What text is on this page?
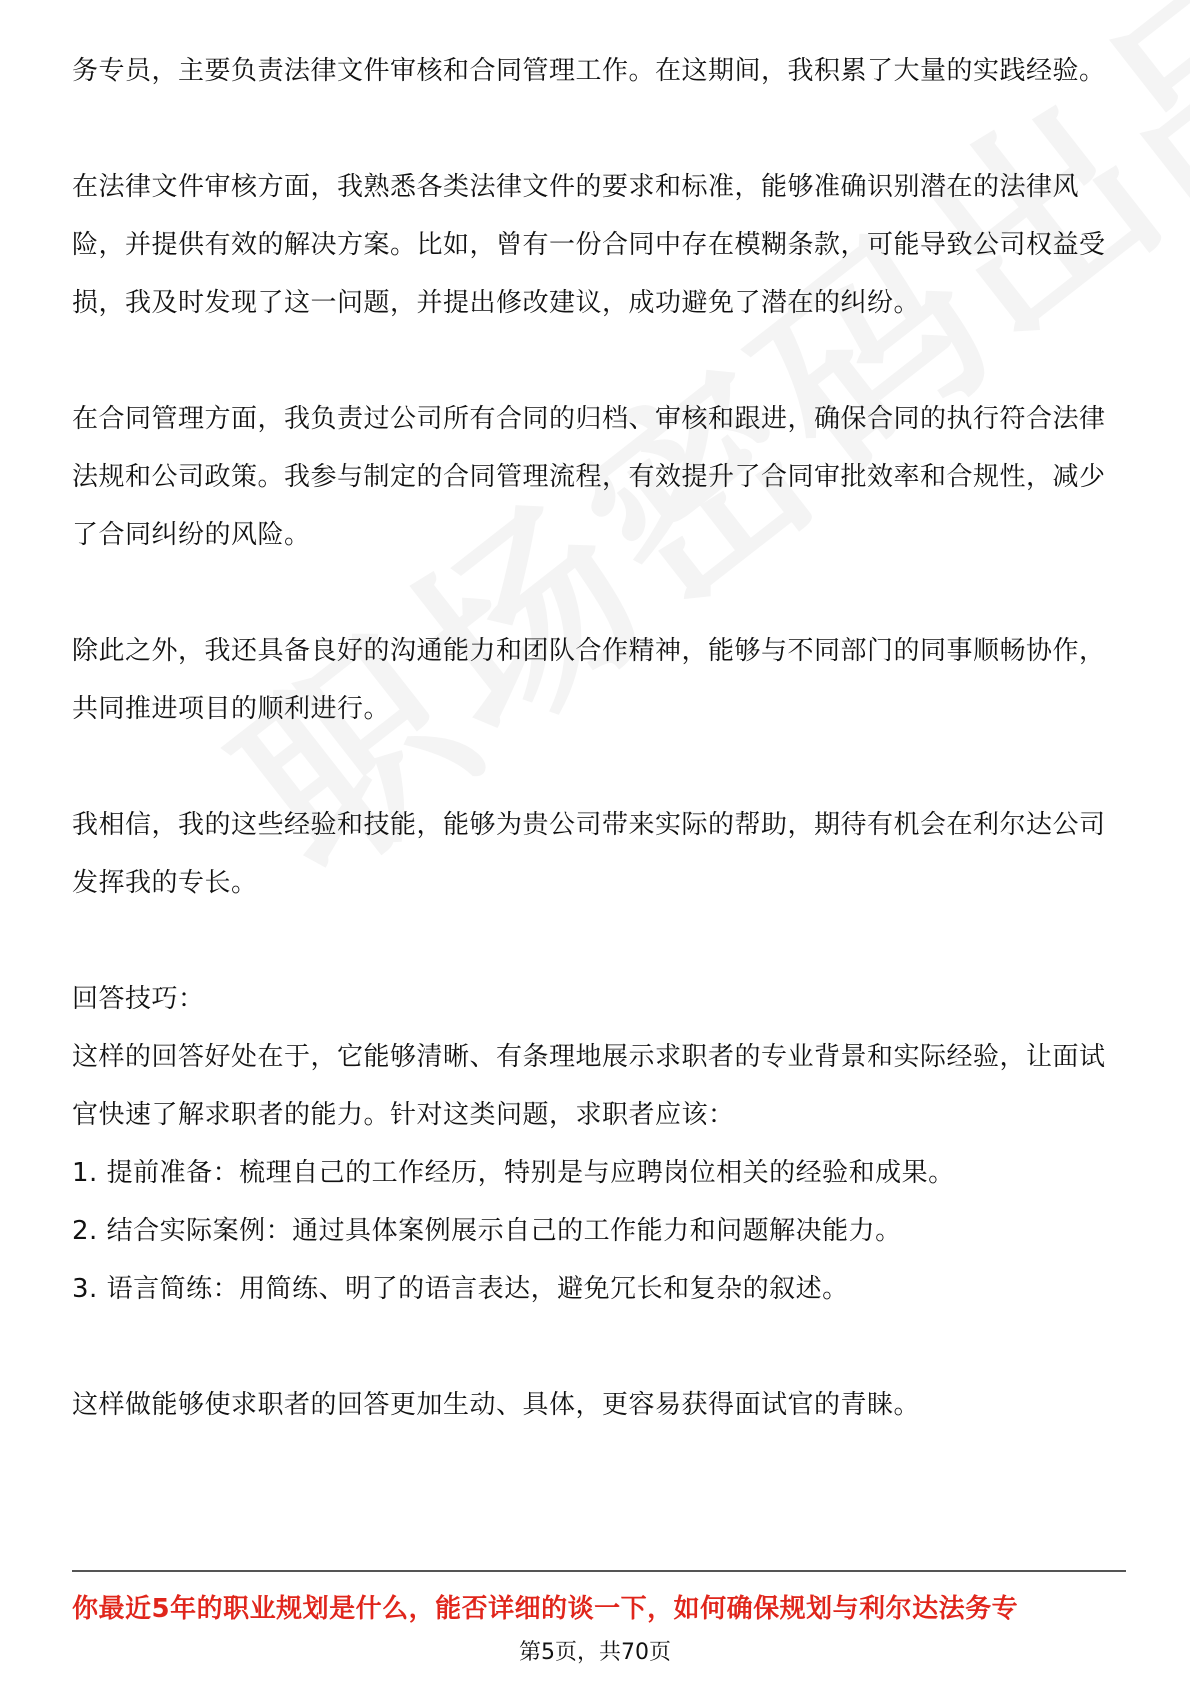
务专员，主要负责法律文件审核和合同管理工作。在这期间，我积累了大量的实践经验。

在法律文件审核方面，我熟悉各类法律文件的要求和标准，能够准确识别潜在的法律风险，并提供有效的解决方案。比如，曾有一份合同中存在模糊条款，可能导致公司权益受损，我及时发现了这一问题，并提出修改建议，成功避免了潜在的纠纷。

在合同管理方面，我负责过公司所有合同的归档、审核和跟进，确保合同的执行符合法律法规和公司政策。我参与制定的合同管理流程，有效提升了合同审批效率和合规性，减少了合同纠纷的风险。

除此之外，我还具备良好的沟通能力和团队合作精神，能够与不同部门的同事顺畅协作，共同推进项目的顺利进行。

我相信，我的这些经验和技能，能够为贵公司带来实际的帮助，期待有机会在利尔达公司发挥我的专长。

回答技巧：

这样的回答好处在于，它能够清晰、有条理地展示求职者的专业背景和实际经验，让面试官快速了解求职者的能力。针对这类问题，求职者应该：

1. 提前准备：梳理自己的工作经历，特别是与应聘岗位相关的经验和成果。

2. 结合实际案例：通过具体案例展示自己的工作能力和问题解决能力。

3. 语言简练：用简练、明了的语言表达，避免冗长和复杂的叙述。

这样做能够使求职者的回答更加生动、具体，更容易获得面试官的青睐。

你最近5年的职业规划是什么，能否详细的谈一下，如何确保规划与利尔达法务专
第5页，共70页
